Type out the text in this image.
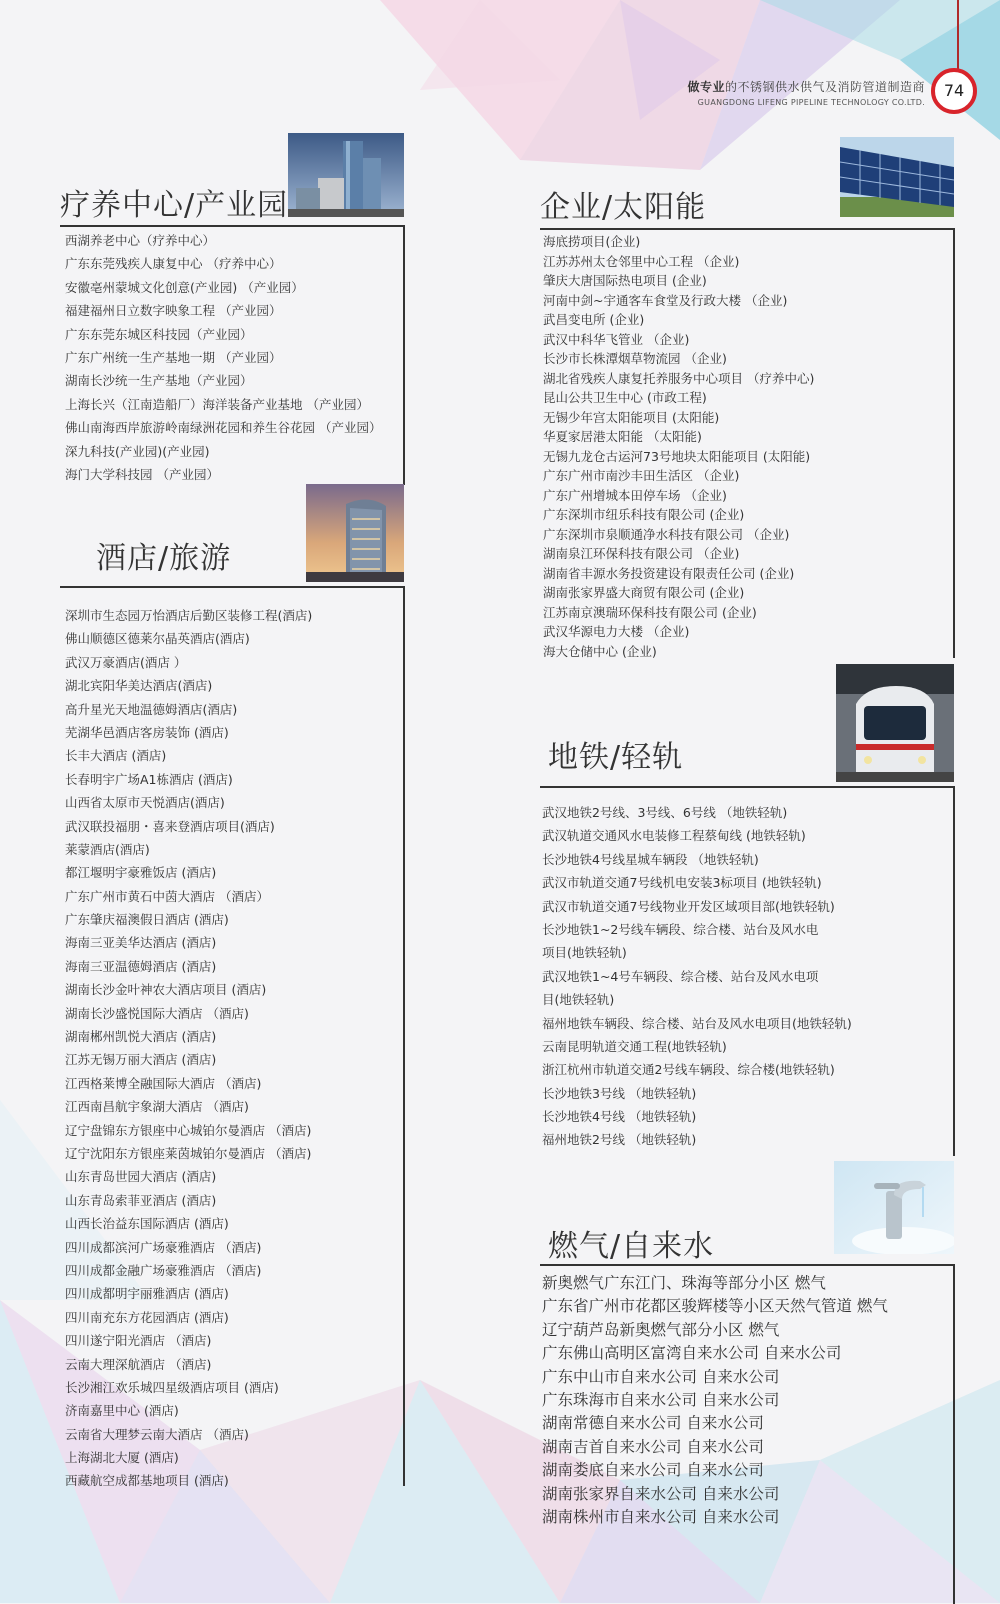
做专业的不锈钢供水供气及消防管道制造商
GUANGDONG LIFENG PIPELINE TECHNOLOGY CO.LTD.
74
疗养中心/产业园
西湖养老中心（疗养中心）
广东东莞残疾人康复中心 （疗养中心）
安徽亳州蒙城文化创意(产业园) （产业园）
福建福州日立数字映象工程 （产业园）
广东东莞东城区科技园（产业园）
广东广州统一生产基地一期 （产业园）
湖南长沙统一生产基地（产业园）
上海长兴（江南造船厂）海洋装备产业基地 （产业园）
佛山南海西岸旅游岭南绿洲花园和养生谷花园 （产业园）
深九科技(产业园)(产业园)
海门大学科技园 （产业园）
酒店/旅游
深圳市生态园万怡酒店后勤区装修工程(酒店)
佛山顺德区德莱尔晶英酒店(酒店)
武汉万豪酒店(酒店 ）
湖北宾阳华美达酒店(酒店)
高升星光天地温德姆酒店(酒店)
芜湖华邑酒店客房装饰 (酒店)
长丰大酒店 (酒店)
长春明宇广场A1栋酒店 (酒店)
山西省太原市天悦酒店(酒店)
武汉联投福朋・喜来登酒店项目(酒店)
莱蒙酒店(酒店)
都江堰明宇豪雅饭店 (酒店)
广东广州市黄石中茵大酒店 （酒店）
广东肇庆福澳假日酒店 (酒店)
海南三亚美华达酒店 (酒店)
海南三亚温德姆酒店 (酒店)
湖南长沙金叶神农大酒店项目 (酒店)
湖南长沙盛悦国际大酒店 （酒店)
湖南郴州凯悦大酒店 (酒店)
江苏无锡万丽大酒店 (酒店)
江西格莱博全融国际大酒店 （酒店)
江西南昌航宇象湖大酒店 （酒店)
辽宁盘锦东方银座中心城铂尔曼酒店 （酒店)
辽宁沈阳东方银座莱茵城铂尔曼酒店 （酒店)
山东青岛世园大酒店 (酒店)
山东青岛索菲亚酒店 (酒店)
山西长治益东国际酒店 (酒店)
四川成都滨河广场豪雅酒店 （酒店)
四川成都金融广场豪雅酒店 （酒店)
四川成都明宇丽雅酒店 (酒店)
四川南充东方花园酒店 (酒店)
四川遂宁阳光酒店 （酒店)
云南大理深航酒店 （酒店)
长沙湘江欢乐城四星级酒店项目 (酒店)
济南嘉里中心 (酒店)
云南省大理梦云南大酒店 （酒店)
上海湖北大厦 (酒店)
西藏航空成都基地项目 (酒店)
企业/太阳能
海底捞项目(企业)
江苏苏州太仓邻里中心工程 （企业)
肇庆大唐国际热电项目 (企业)
河南中剑~宇通客车食堂及行政大楼 （企业)
武昌变电所 (企业)
武汉中科华飞管业 （企业)
长沙市长株潭烟草物流园 （企业)
湖北省残疾人康复托养服务中心项目 （疗养中心)
昆山公共卫生中心 (市政工程)
无锡少年宫太阳能项目 (太阳能)
华夏家居港太阳能 （太阳能)
无锡九龙仓古运河73号地块太阳能项目 (太阳能)
广东广州市南沙丰田生活区 （企业)
广东广州增城本田停车场 （企业)
广东深圳市纽乐科技有限公司 (企业)
广东深圳市泉顺通净水科技有限公司 （企业)
湖南泉江环保科技有限公司 （企业)
湖南省丰源水务投资建设有限责任公司 (企业)
湖南张家界盛大商贸有限公司 (企业)
江苏南京澳瑞环保科技有限公司 (企业)
武汉华源电力大楼 （企业)
海大仓储中心 (企业)
地铁/轻轨
武汉地铁2号线、3号线、6号线 （地铁轻轨)
武汉轨道交通风水电装修工程蔡甸线 (地铁轻轨)
长沙地铁4号线星城车辆段 （地铁轻轨)
武汉市轨道交通7号线机电安装3标项目 (地铁轻轨)
武汉市轨道交通7号线物业开发区域项目部(地铁轻轨)
长沙地铁1~2号线车辆段、综合楼、站台及风水电
项目(地铁轻轨)
武汉地铁1~4号车辆段、综合楼、站台及风水电项
目(地铁轻轨)
福州地铁车辆段、综合楼、站台及风水电项目(地铁轻轨)
云南昆明轨道交通工程(地铁轻轨)
浙江杭州市轨道交通2号线车辆段、综合楼(地铁轻轨)
长沙地铁3号线 （地铁轻轨)
长沙地铁4号线 （地铁轻轨)
福州地铁2号线 （地铁轻轨)
燃气/自来水
新奥燃气广东江门、珠海等部分小区 燃气
广东省广州市花都区骏辉楼等小区天然气管道 燃气
辽宁葫芦岛新奥燃气部分小区 燃气
广东佛山高明区富湾自来水公司 自来水公司
广东中山市自来水公司 自来水公司
广东珠海市自来水公司 自来水公司
湖南常德自来水公司 自来水公司
湖南吉首自来水公司 自来水公司
湖南娄底自来水公司 自来水公司
湖南张家界自来水公司 自来水公司
湖南株州市自来水公司 自来水公司
